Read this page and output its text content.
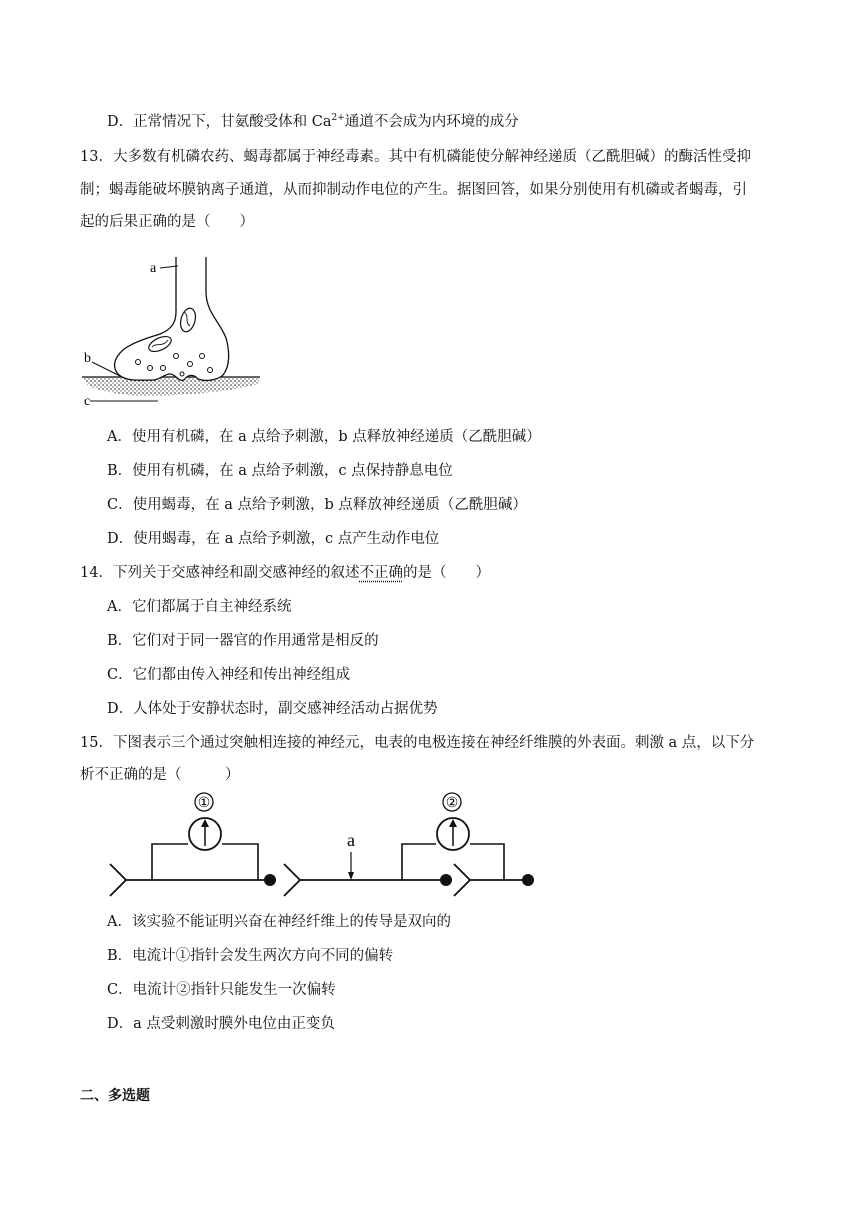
D．正常情况下，甘氨酸受体和 $Ca^{2+}$通道不会成为内环境的成分
13．大多数有机磷农药、蝎毒都属于神经毒素。其中有机磷能使分解神经递质（乙酰胆碱）的酶活性受抑
制；蝎毒能破坏膜钠离子通道，从而抑制动作电位的产生。据图回答，如果分别使用有机磷或者蝎毒，引
起的后果正确的是（　　）
a
b
c
A．使用有机磷，在 a 点给予刺激，b 点释放神经递质（乙酰胆碱）
B．使用有机磷，在 a 点给予刺激，c 点保持静息电位
C．使用蝎毒，在 a 点给予刺激，b 点释放神经递质（乙酰胆碱）
D．使用蝎毒，在 a 点给予刺激，c 点产生动作电位
14．下列关于交感神经和副交感神经的叙述不正确的是（　　）
A．它们都属于自主神经系统
B．它们对于同一器官的作用通常是相反的
C．它们都由传入神经和传出神经组成
D．人体处于安静状态时，副交感神经活动占据优势
15．下图表示三个通过突触相连接的神经元，电表的电极连接在神经纤维膜的外表面。刺激 a 点，以下分
析不正确的是（　　　）
①
a
②
A．该实验不能证明兴奋在神经纤维上的传导是双向的
B．电流计①指针会发生两次方向不同的偏转
C．电流计②指针只能发生一次偏转
D．a 点受刺激时膜外电位由正变负
二、多选题
